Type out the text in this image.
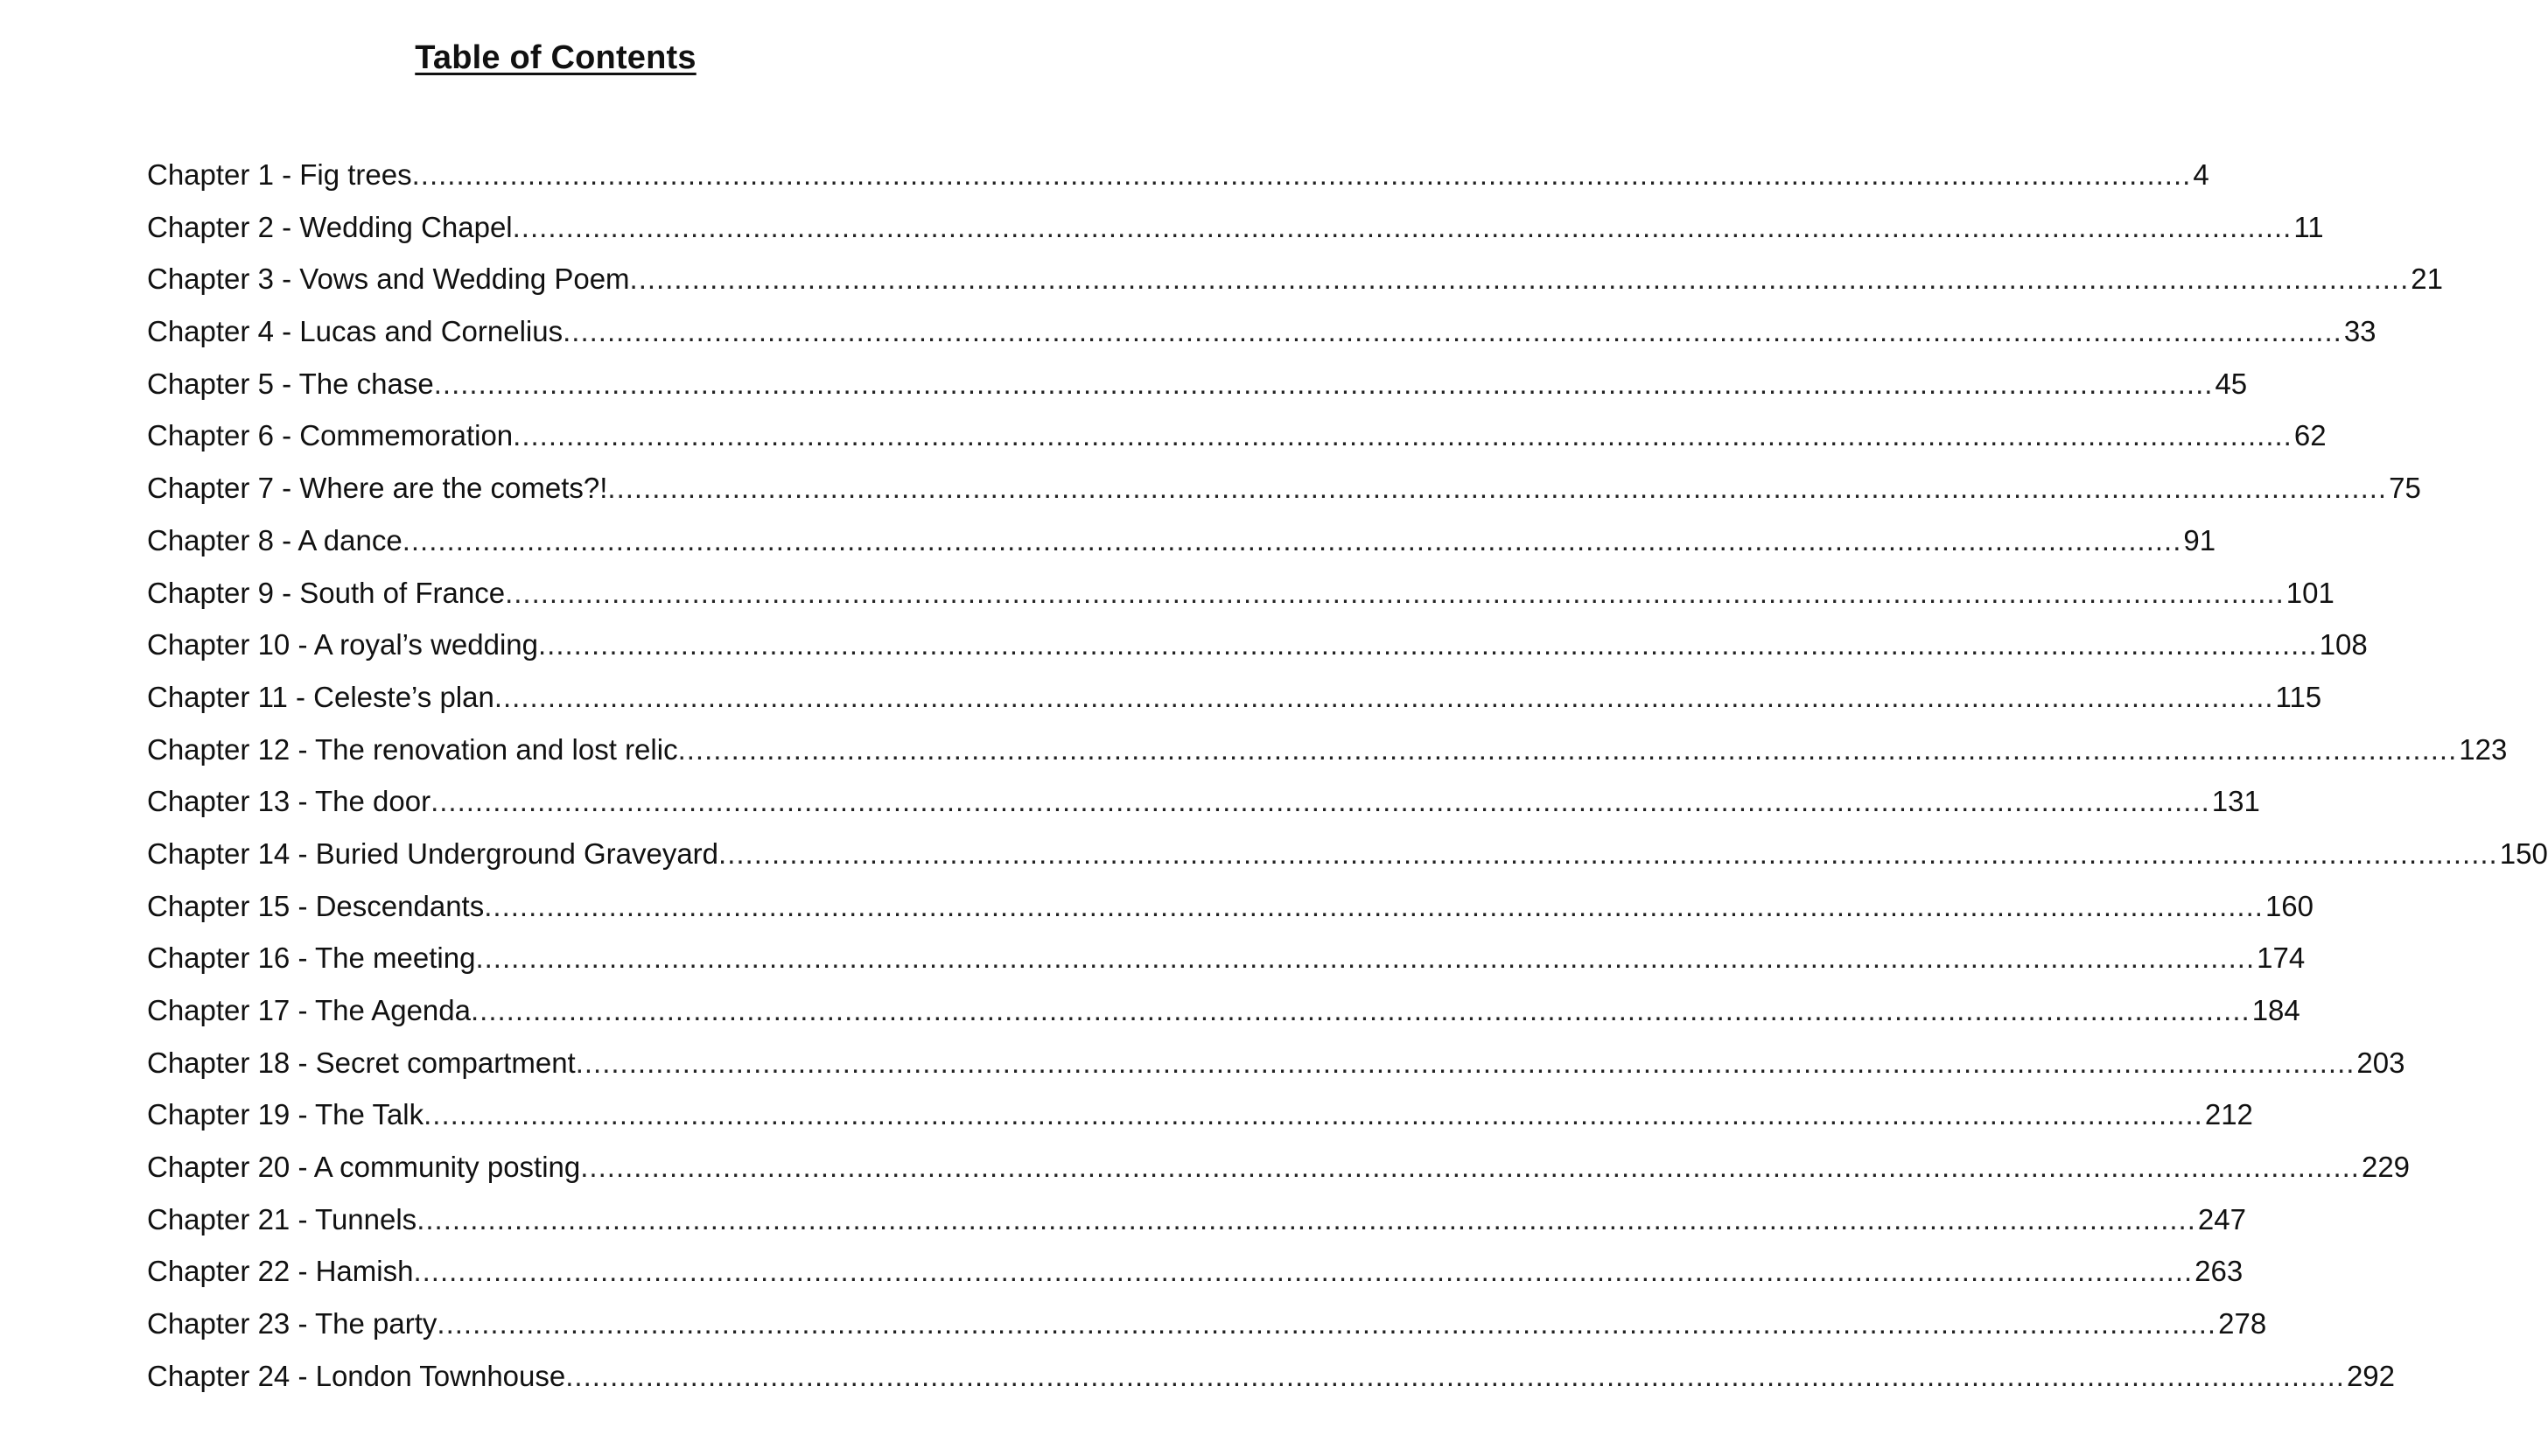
Table of Contents
Chapter 1 - Fig trees ........................................................................................................................................................................................................ 4
Chapter 2 - Wedding Chapel ........................................................................................................................................................................................................ 11
Chapter 3 - Vows and Wedding Poem ........................................................................................................................................................................................................ 21
Chapter 4 - Lucas and Cornelius ........................................................................................................................................................................................................ 33
Chapter 5 - The chase ........................................................................................................................................................................................................ 45
Chapter 6 - Commemoration ........................................................................................................................................................................................................ 62
Chapter 7 - Where are the comets?! ........................................................................................................................................................................................................ 75
Chapter 8 - A dance ........................................................................................................................................................................................................ 91
Chapter 9 - South of France ........................................................................................................................................................................................................ 101
Chapter 10 - A royal’s wedding ........................................................................................................................................................................................................ 108
Chapter 11 - Celeste’s plan ........................................................................................................................................................................................................ 115
Chapter 12 - The renovation and lost relic ........................................................................................................................................................................................................ 123
Chapter 13 - The door ........................................................................................................................................................................................................ 131
Chapter 14 - Buried Underground Graveyard ........................................................................................................................................................................................................ 150
Chapter 15 - Descendants ........................................................................................................................................................................................................ 160
Chapter 16 - The meeting ........................................................................................................................................................................................................ 174
Chapter 17 - The Agenda ........................................................................................................................................................................................................ 184
Chapter 18 - Secret compartment ........................................................................................................................................................................................................ 203
Chapter 19 - The Talk ........................................................................................................................................................................................................ 212
Chapter 20 - A community posting ........................................................................................................................................................................................................ 229
Chapter 21 - Tunnels ........................................................................................................................................................................................................ 247
Chapter 22 - Hamish ........................................................................................................................................................................................................ 263
Chapter 23 - The party ........................................................................................................................................................................................................ 278
Chapter 24 - London Townhouse ........................................................................................................................................................................................................ 292
